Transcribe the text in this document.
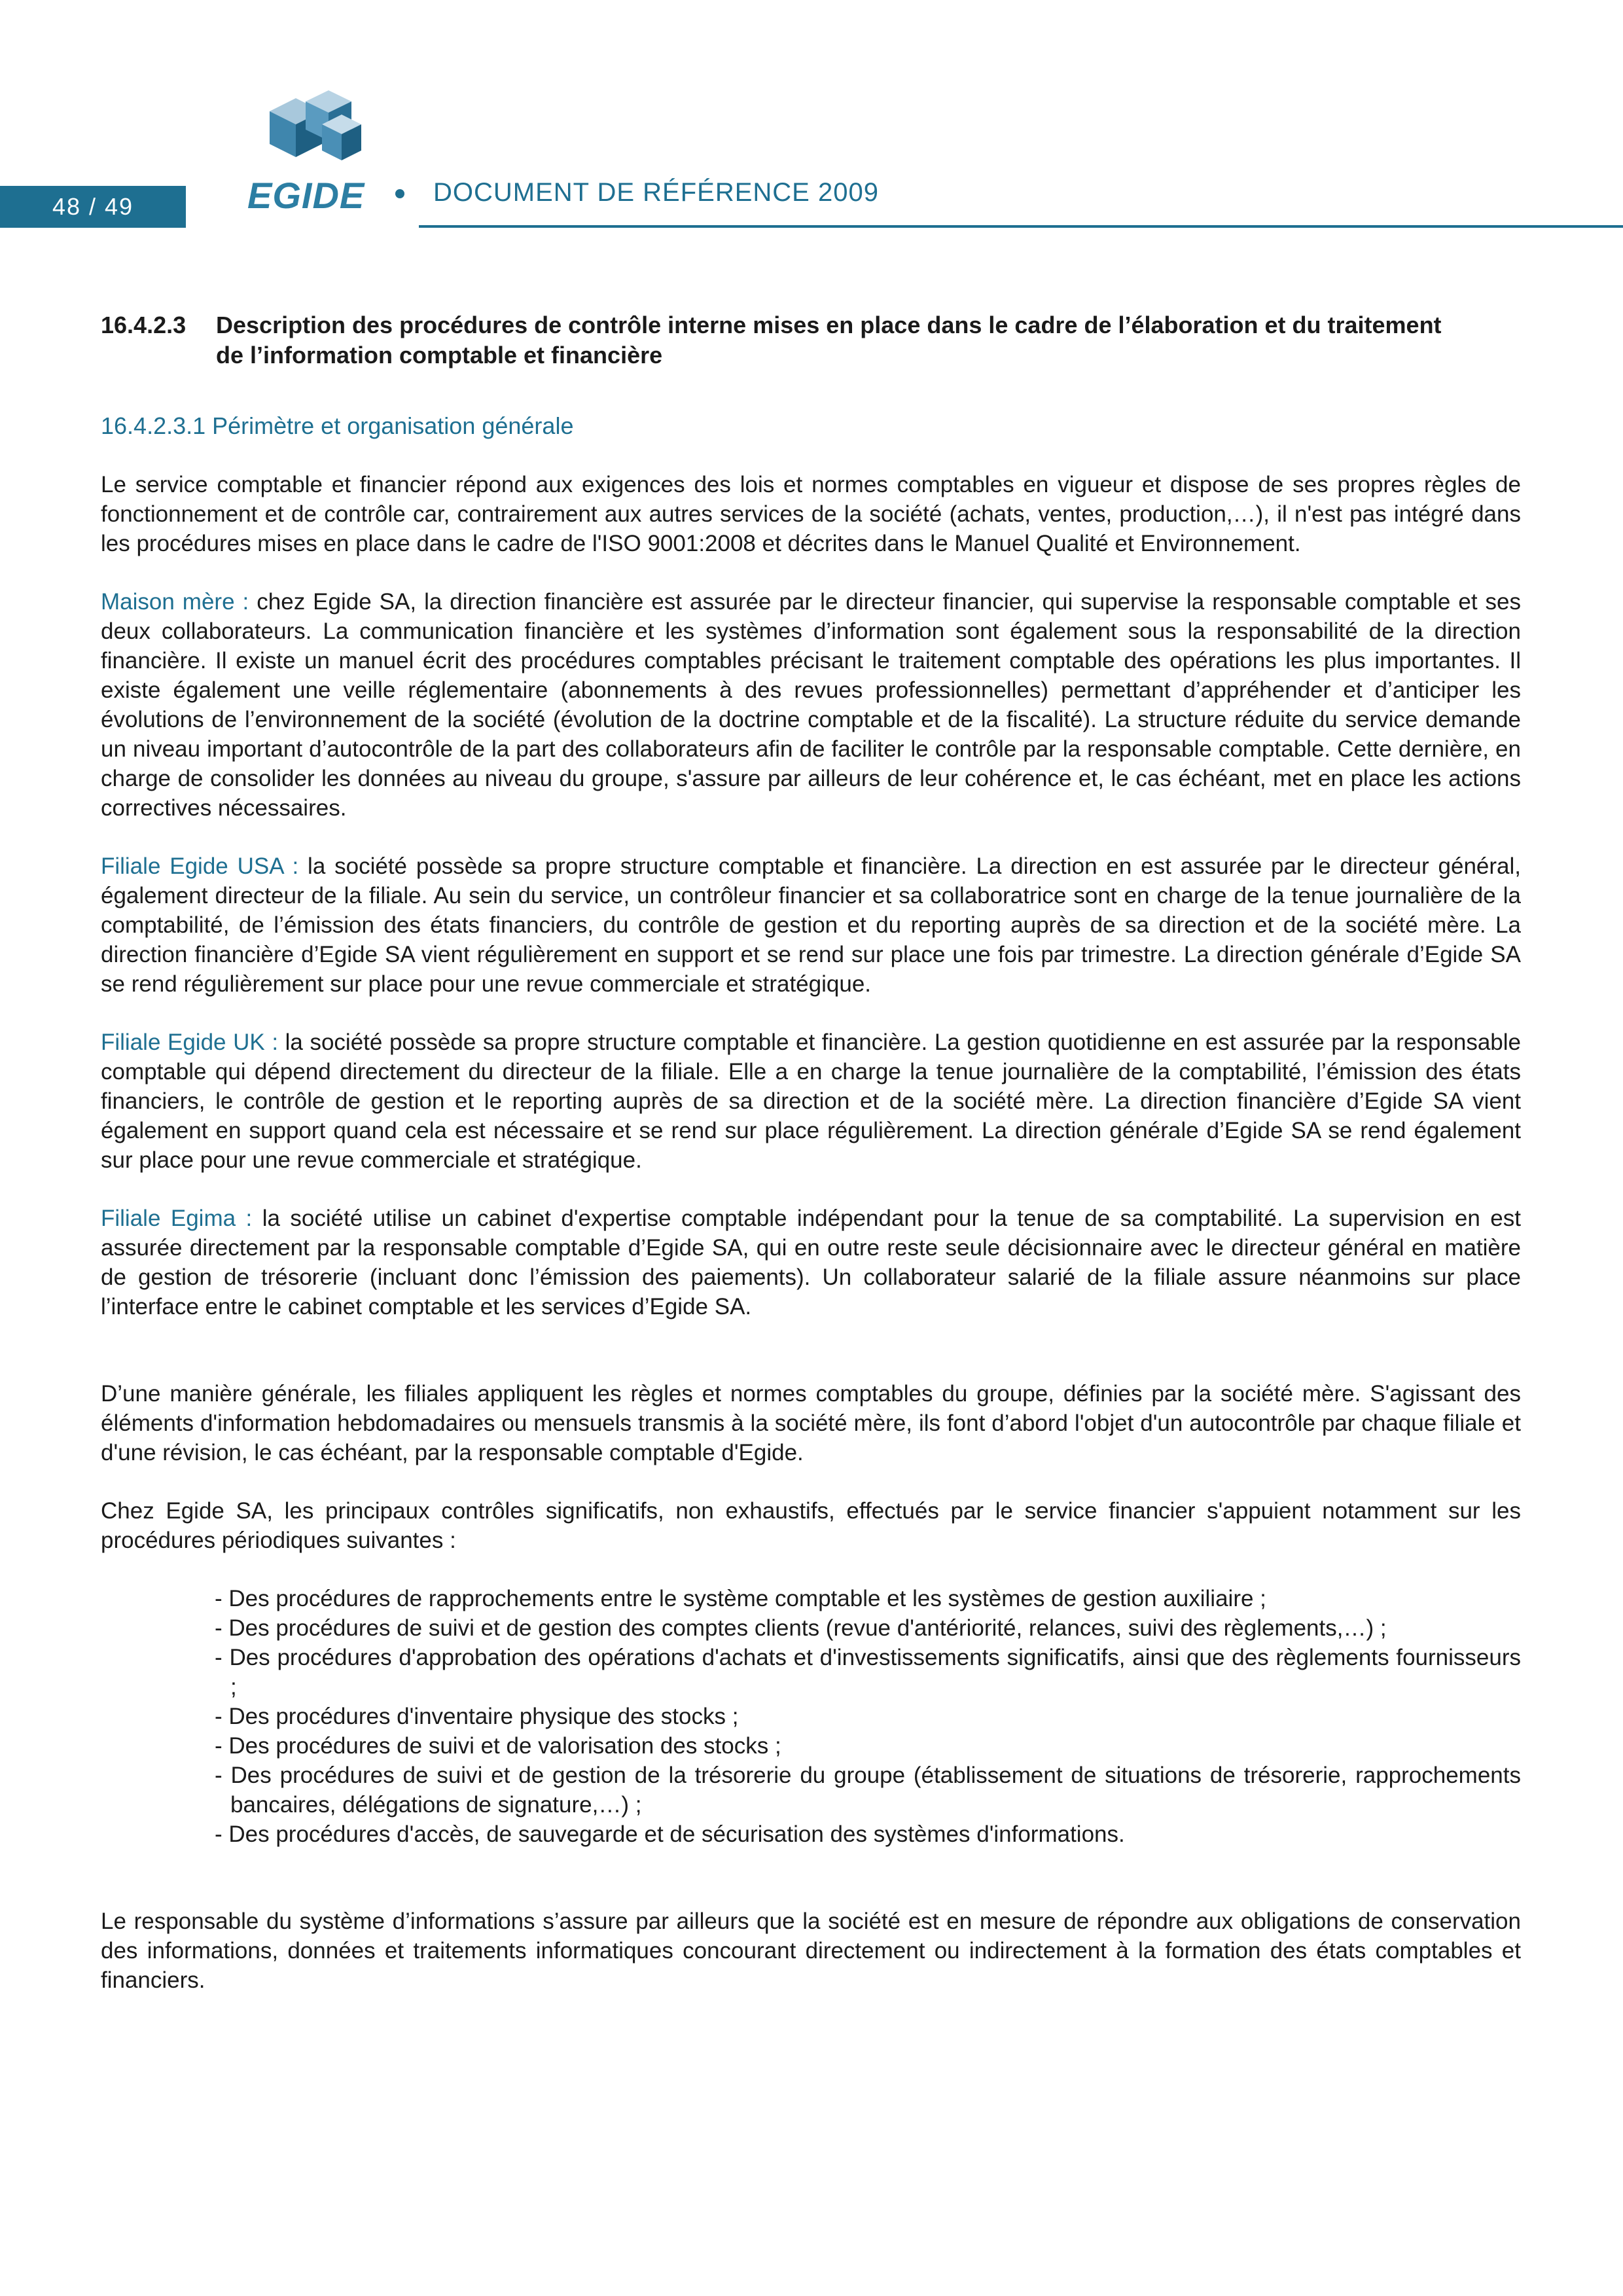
48 / 49	EGIDE	DOCUMENT DE RÉFÉRENCE 2009
16.4.2.3	Description des procédures de contrôle interne mises en place dans le cadre de l’élaboration et du traitement de l’information comptable et financière
16.4.2.3.1 Périmètre et organisation générale

Le service comptable et financier répond aux exigences des lois et normes comptables en vigueur et dispose de ses propres règles de fonctionnement et de contrôle car, contrairement aux autres services de la société (achats, ventes, production,…), il n'est pas intégré dans les procédures mises en place dans le cadre de l'ISO 9001:2008 et décrites dans le Manuel Qualité et Environnement.

Maison mère : chez Egide SA, la direction financière est assurée par le directeur financier, qui supervise la responsable comptable et ses deux collaborateurs. La communication financière et les systèmes d’information sont également sous la responsabilité de la direction financière. Il existe un manuel écrit des procédures comptables précisant le traitement comptable des opérations les plus importantes. Il existe également une veille réglementaire (abonnements à des revues professionnelles) permettant d’appréhender et d’anticiper les évolutions de l’environnement de la société (évolution de la doctrine comptable et de la fiscalité). La structure réduite du service demande un niveau important d’autocontrôle de la part des collaborateurs afin de faciliter le contrôle par la responsable comptable. Cette dernière, en charge de consolider les données au niveau du groupe, s'assure par ailleurs de leur cohérence et, le cas échéant, met en place les actions correctives nécessaires.

Filiale Egide USA : la société possède sa propre structure comptable et financière. La direction en est assurée par le directeur général, également directeur de la filiale. Au sein du service, un contrôleur financier et sa collaboratrice sont en charge de la tenue journalière de la comptabilité, de l’émission des états financiers, du contrôle de gestion et du reporting auprès de sa direction et de la société mère. La direction financière d’Egide SA vient régulièrement en support et se rend sur place une fois par trimestre. La direction générale d’Egide SA se rend régulièrement sur place pour une revue commerciale et stratégique.

Filiale Egide UK : la société possède sa propre structure comptable et financière. La gestion quotidienne en est assurée par la responsable comptable qui dépend directement du directeur de la filiale. Elle a en charge la tenue journalière de la comptabilité, l’émission des états financiers, le contrôle de gestion et le reporting auprès de sa direction et de la société mère. La direction financière d’Egide SA vient également en support quand cela est nécessaire et se rend sur place régulièrement. La direction générale d’Egide SA se rend également sur place pour une revue commerciale et stratégique.

Filiale Egima : la société utilise un cabinet d'expertise comptable indépendant pour la tenue de sa comptabilité. La supervision en est assurée directement par la responsable comptable d’Egide SA, qui en outre reste seule décisionnaire avec le directeur général en matière de gestion de trésorerie (incluant donc l’émission des paiements). Un collaborateur salarié de la filiale assure néanmoins sur place l’interface entre le cabinet comptable et les services d’Egide SA.

D’une manière générale, les filiales appliquent les règles et normes comptables du groupe, définies par la société mère. S'agissant des éléments d'information hebdomadaires ou mensuels transmis à la société mère, ils font d’abord l'objet d'un autocontrôle par chaque filiale et d'une révision, le cas échéant, par la responsable comptable d'Egide.

Chez Egide SA, les principaux contrôles significatifs, non exhaustifs, effectués par le service financier s'appuient notamment sur les procédures périodiques suivantes :

- Des procédures de rapprochements entre le système comptable et les systèmes de gestion auxiliaire ;
- Des procédures de suivi et de gestion des comptes clients (revue d'antériorité, relances, suivi des règlements,…) ;
- Des procédures d'approbation des opérations d'achats et d'investissements significatifs, ainsi que des règlements fournisseurs ;
- Des procédures d'inventaire physique des stocks ;
- Des procédures de suivi et de valorisation des stocks ;
- Des procédures de suivi et de gestion de la trésorerie du groupe (établissement de situations de trésorerie, rapprochements bancaires, délégations de signature,…) ;
- Des procédures d'accès, de sauvegarde et de sécurisation des systèmes d'informations.

Le responsable du système d’informations s’assure par ailleurs que la société est en mesure de répondre aux obligations de conservation des informations, données et traitements informatiques concourant directement ou indirectement à la formation des états comptables et financiers.
